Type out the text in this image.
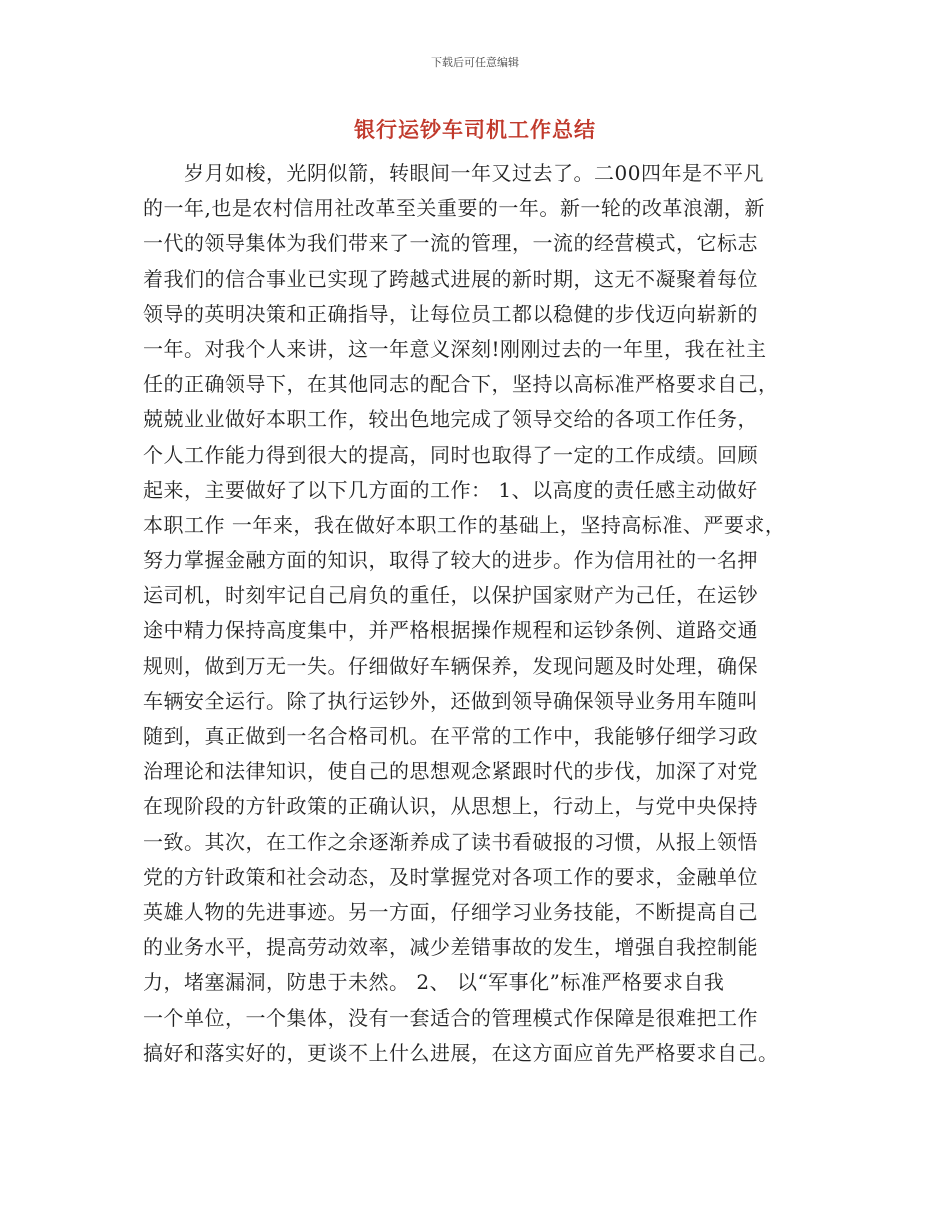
下载后可任意编辑
银行运钞车司机工作总结
　　岁月如梭，光阴似箭，转眼间一年又过去了。二00四年是不平凡
的一年,也是农村信用社改革至关重要的一年。新一轮的改革浪潮，新
一代的领导集体为我们带来了一流的管理，一流的经营模式，它标志
着我们的信合事业已实现了跨越式进展的新时期，这无不凝聚着每位
领导的英明决策和正确指导，让每位员工都以稳健的步伐迈向崭新的
一年。对我个人来讲，这一年意义深刻!刚刚过去的一年里，我在社主
任的正确领导下，在其他同志的配合下，坚持以高标准严格要求自己，
兢兢业业做好本职工作，较出色地完成了领导交给的各项工作任务，
个人工作能力得到很大的提高，同时也取得了一定的工作成绩。回顾
起来，主要做好了以下几方面的工作： 1、以高度的责任感主动做好
本职工作 一年来，我在做好本职工作的基础上，坚持高标准、严要求，
努力掌握金融方面的知识，取得了较大的进步。作为信用社的一名押
运司机，时刻牢记自己肩负的重任，以保护国家财产为己任，在运钞
途中精力保持高度集中，并严格根据操作规程和运钞条例、道路交通
规则，做到万无一失。仔细做好车辆保养，发现问题及时处理，确保
车辆安全运行。除了执行运钞外，还做到领导确保领导业务用车随叫
随到，真正做到一名合格司机。在平常的工作中，我能够仔细学习政
治理论和法律知识，使自己的思想观念紧跟时代的步伐，加深了对党
在现阶段的方针政策的正确认识，从思想上，行动上，与党中央保持
一致。其次，在工作之余逐渐养成了读书看破报的习惯，从报上领悟
党的方针政策和社会动态，及时掌握党对各项工作的要求，金融单位
英雄人物的先进事迹。另一方面，仔细学习业务技能，不断提高自己
的业务水平，提高劳动效率，减少差错事故的发生，增强自我控制能
力，堵塞漏洞，防患于未然。 2、 以“军事化”标准严格要求自我
一个单位，一个集体，没有一套适合的管理模式作保障是很难把工作
搞好和落实好的，更谈不上什么进展，在这方面应首先严格要求自己。
